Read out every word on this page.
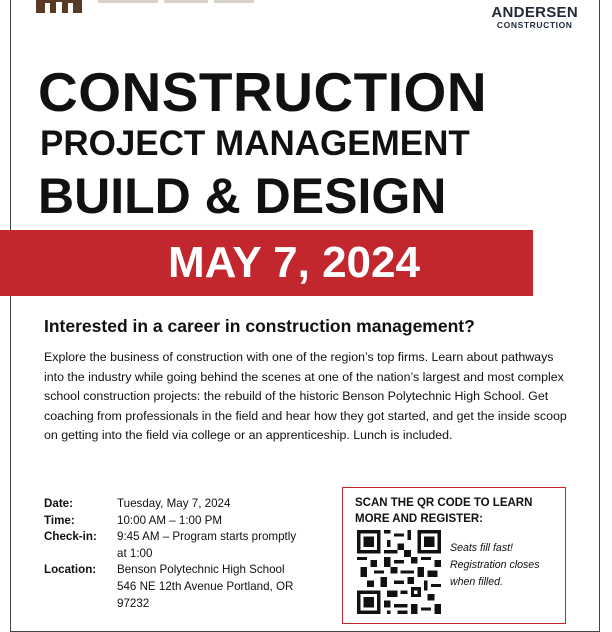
ANDERSEN
CONSTRUCTION
CONSTRUCTION
PROJECT MANAGEMENT
BUILD & DESIGN
MAY 7, 2024
Interested in a career in construction management?
Explore the business of construction with one of the region’s top firms. Learn about pathways into the industry while going behind the scenes at one of the nation’s largest and most complex school construction projects: the rebuild of the historic Benson Polytechnic High School. Get coaching from professionals in the field and hear how they got started, and get the inside scoop on getting into the field via college or an apprenticeship. Lunch is included.
Date:	Tuesday, May 7, 2024
Time:	10:00 AM – 1:00 PM
Check-in:	9:45 AM – Program starts promptly at 1:00
Location:	Benson Polytechnic High School 546 NE 12th Avenue Portland, OR 97232
SCAN THE QR CODE TO LEARN MORE AND REGISTER:
Seats fill fast! Registration closes when filled.
